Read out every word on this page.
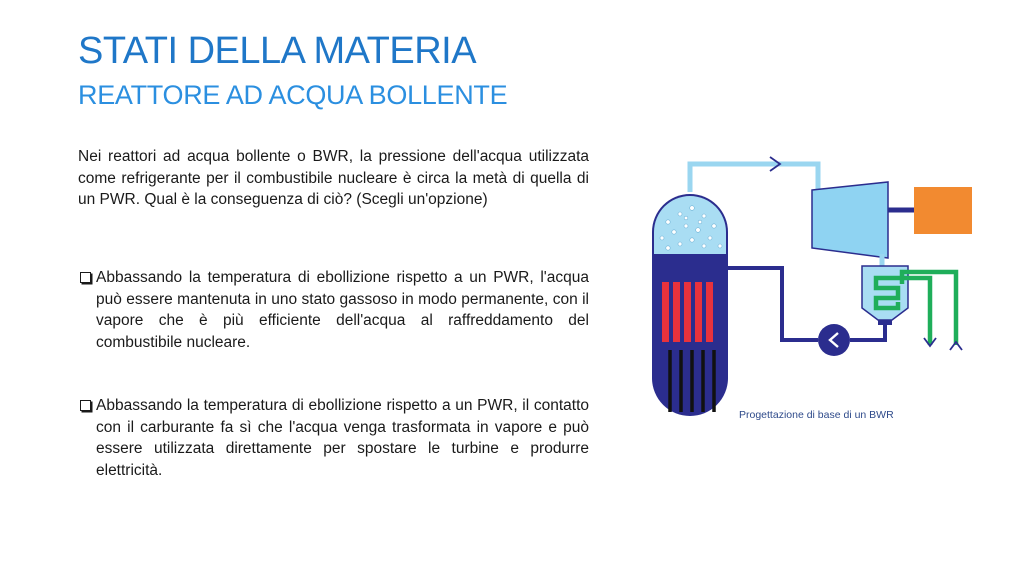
STATI DELLA MATERIA
REATTORE AD ACQUA BOLLENTE

Nei reattori ad acqua bollente o BWR, la pressione dell'acqua utilizzata come refrigerante per il combustibile nucleare è circa la metà di quella di un PWR. Qual è la conseguenza di ciò? (Scegli un'opzione)

Abbassando la temperatura di ebollizione rispetto a un PWR, l'acqua può essere mantenuta in uno stato gassoso in modo permanente, con il vapore che è più efficiente dell'acqua al raffreddamento del combustibile nucleare.

Abbassando la temperatura di ebollizione rispetto a un PWR, il contatto con il carburante fa sì che l'acqua venga trasformata in vapore e può essere utilizzata direttamente per spostare le turbine e produrre elettricità.

Progettazione di base di un BWR
